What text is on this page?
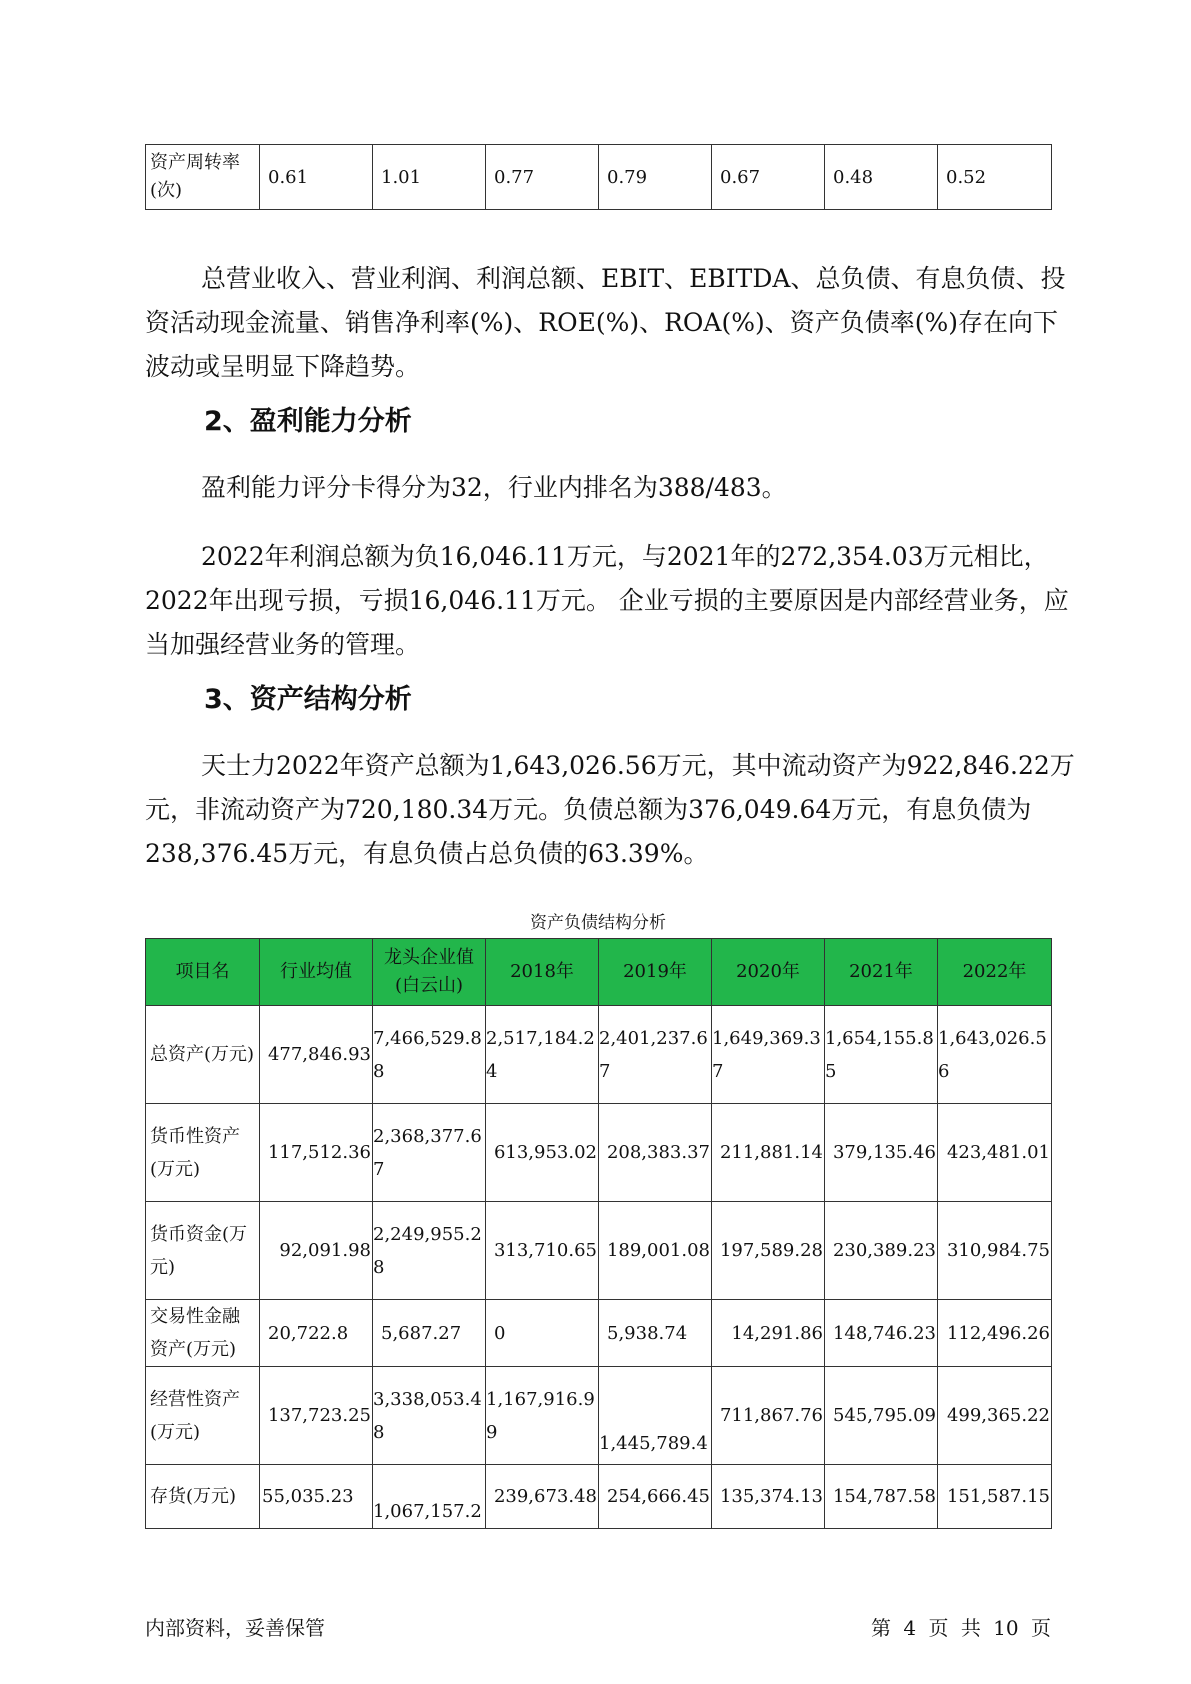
资产周转率(次)	0.61	1.01	0.77	0.79	0.67	0.48	0.52

总营业收入、营业利润、利润总额、EBIT、EBITDA、总负债、有息负债、投资活动现金流量、销售净利率(%)、ROE(%)、ROA(%)、资产负债率(%)存在向下波动或呈明显下降趋势。

2、盈利能力分析

盈利能力评分卡得分为32，行业内排名为388/483。

2022年利润总额为负16,046.11万元，与2021年的272,354.03万元相比，2022年出现亏损，亏损16,046.11万元。 企业亏损的主要原因是内部经营业务，应当加强经营业务的管理。

3、资产结构分析

天士力2022年资产总额为1,643,026.56万元，其中流动资产为922,846.22万元，非流动资产为720,180.34万元。负债总额为376,049.64万元，有息负债为238,376.45万元，有息负债占总负债的63.39%。

资产负债结构分析
项目名	行业均值	龙头企业值(白云山)	2018年	2019年	2020年	2021年	2022年
总资产(万元)	477,846.93	7,466,529.88	2,517,184.24	2,401,237.67	1,649,369.37	1,654,155.85	1,643,026.56
货币性资产(万元)	117,512.36	2,368,377.67	613,953.02	208,383.37	211,881.14	379,135.46	423,481.01
货币资金(万元)	92,091.98	2,249,955.28	313,710.65	189,001.08	197,589.28	230,389.23	310,984.75
交易性金融资产(万元)	20,722.8	5,687.27	0	5,938.74	14,291.86	148,746.23	112,496.26
经营性资产(万元)	137,723.25	3,338,053.48	1,167,916.99	1,445,789.4	711,867.76	545,795.09	499,365.22
存货(万元)	55,035.23	1,067,157.2	239,673.48	254,666.45	135,374.13	154,787.58	151,587.15
内部资料，妥善保管	第 4 页 共 10 页
